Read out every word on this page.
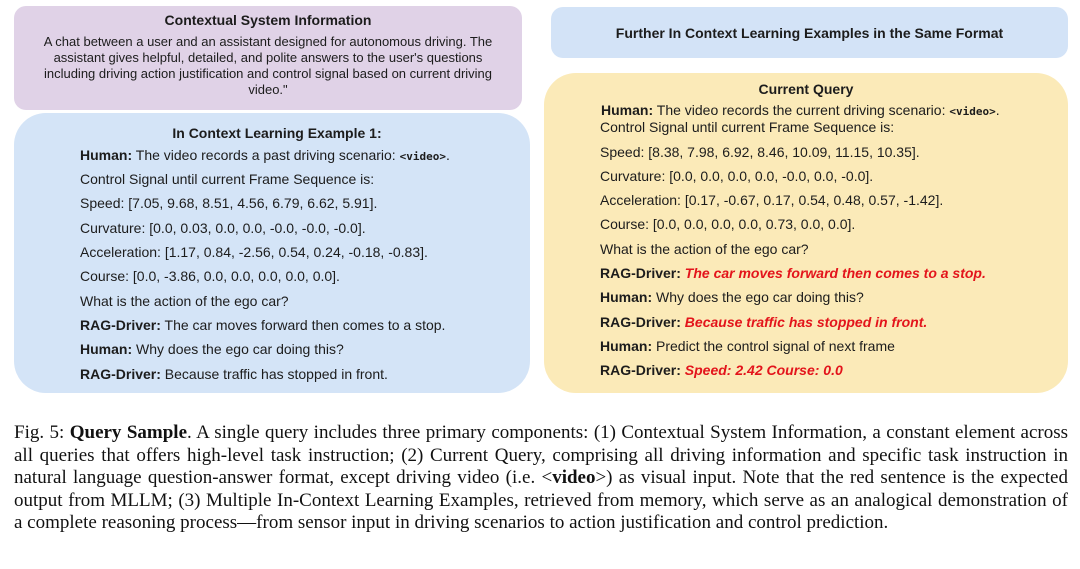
Contextual System Information
A chat between a user and an assistant designed for autonomous driving. The assistant gives helpful, detailed, and polite answers to the user's questions including driving action justification and control signal based on current driving video."
Further In Context Learning Examples in the Same Format
In Context Learning Example 1:
Human: The video records a past driving scenario: <video>.
Control Signal until current Frame Sequence is:
Speed: [7.05, 9.68, 8.51, 4.56, 6.79, 6.62, 5.91].
Curvature: [0.0, 0.03, 0.0, 0.0, -0.0, -0.0, -0.0].
Acceleration: [1.17, 0.84, -2.56, 0.54, 0.24, -0.18, -0.83].
Course: [0.0, -3.86, 0.0, 0.0, 0.0, 0.0, 0.0].
What is the action of the ego car?
RAG-Driver: The car moves forward then comes to a stop.
Human: Why does the ego car doing this?
RAG-Driver: Because traffic has stopped in front.
Current Query
Human: The video records the current driving scenario: <video>.
Control Signal until current Frame Sequence is:
Speed: [8.38, 7.98, 6.92, 8.46, 10.09, 11.15, 10.35].
Curvature: [0.0, 0.0, 0.0, 0.0, -0.0, 0.0, -0.0].
Acceleration: [0.17, -0.67, 0.17, 0.54, 0.48, 0.57, -1.42].
Course: [0.0, 0.0, 0.0, 0.0, 0.73, 0.0, 0.0].
What is the action of the ego car?
RAG-Driver: The car moves forward then comes to a stop.
Human: Why does the ego car doing this?
RAG-Driver: Because traffic has stopped in front.
Human: Predict the control signal of next frame
RAG-Driver: Speed: 2.42 Course: 0.0
Fig. 5: Query Sample. A single query includes three primary components: (1) Contextual System Information, a constant element across all queries that offers high-level task instruction; (2) Current Query, comprising all driving information and specific task instruction in natural language question-answer format, except driving video (i.e. <video>) as visual input. Note that the red sentence is the expected output from MLLM; (3) Multiple In-Context Learning Examples, retrieved from memory, which serve as an analogical demonstration of a complete reasoning process—from sensor input in driving scenarios to action justification and control prediction.
